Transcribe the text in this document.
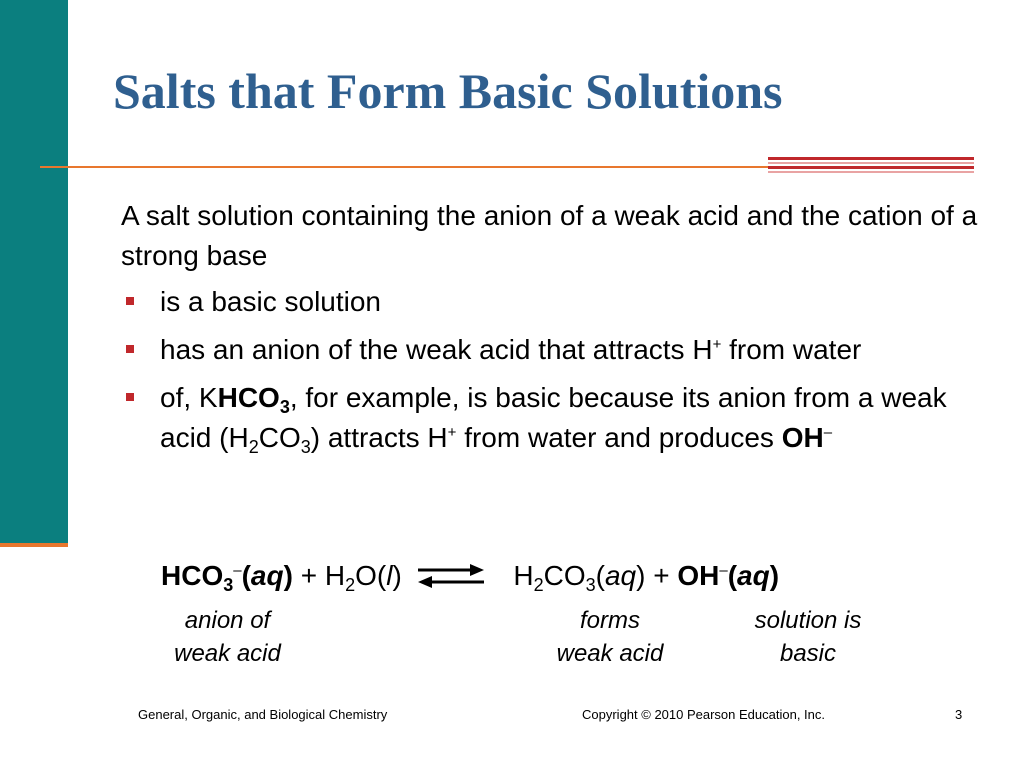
Salts that Form Basic Solutions

A salt solution containing the anion of a weak acid and the cation of a strong base

is a basic solution
has an anion of the weak acid that attracts H+ from water
of, $KHCO_3$, for example, is basic because its anion from a weak acid $(H_2CO_3)$ attracts H+ from water and produces OH–
$HCO_3^-(aq) + H_2O(l)$ ⇌ $H_2CO_3(aq) + OH^-(aq)$
anion of
weak acid
forms
weak acid
solution is
basic
General, Organic, and Biological Chemistry	Copyright © 2010 Pearson Education, Inc.	3
